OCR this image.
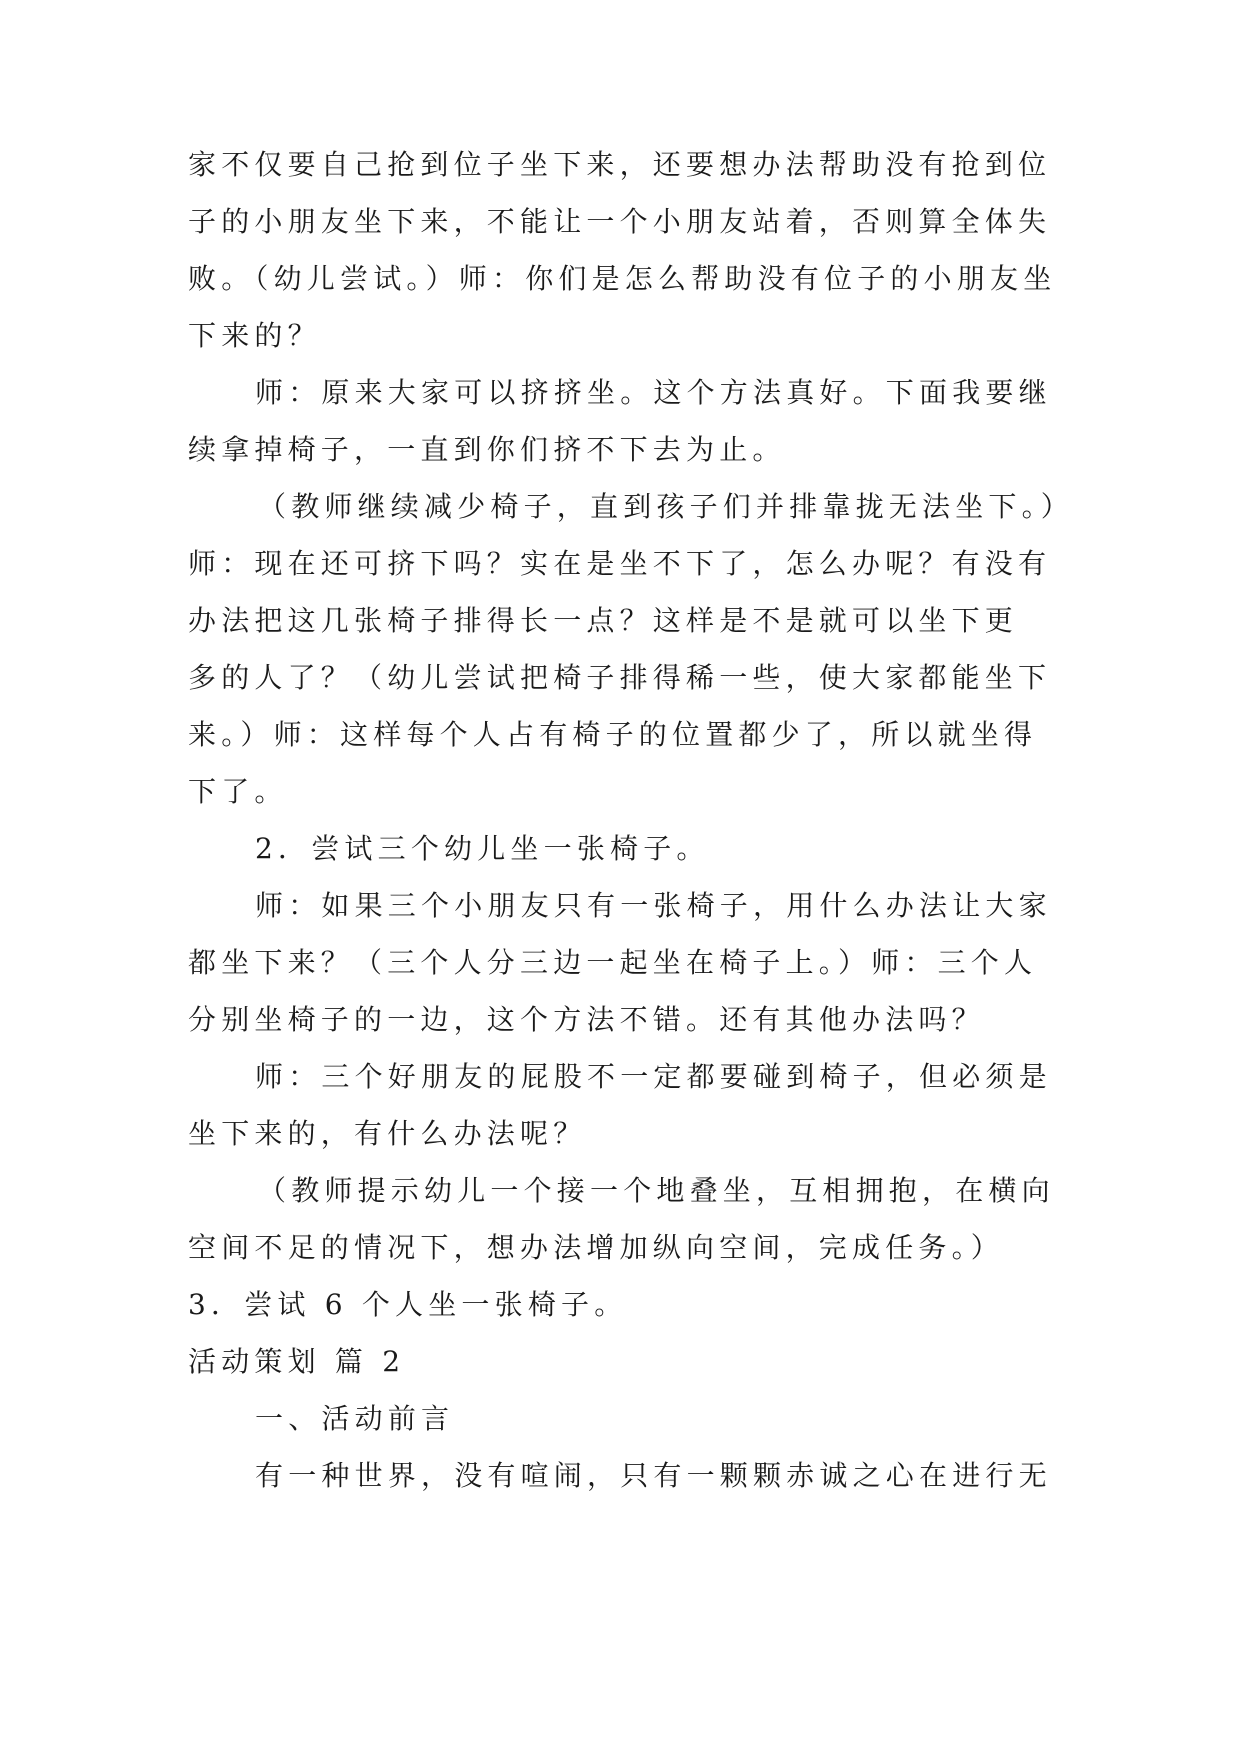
家不仅要自己抢到位子坐下来，还要想办法帮助没有抢到位
子的小朋友坐下来，不能让一个小朋友站着，否则算全体失
败。（幼儿尝试。）师：你们是怎么帮助没有位子的小朋友坐
下来的？
师：原来大家可以挤挤坐。这个方法真好。下面我要继
续拿掉椅子，一直到你们挤不下去为止。
（教师继续减少椅子，直到孩子们并排靠拢无法坐下。）
师：现在还可挤下吗？实在是坐不下了，怎么办呢？有没有
办法把这几张椅子排得长一点？这样是不是就可以坐下更
多的人了？（幼儿尝试把椅子排得稀一些，使大家都能坐下
来。）师：这样每个人占有椅子的位置都少了，所以就坐得
下了。
2．尝试三个幼儿坐一张椅子。
师：如果三个小朋友只有一张椅子，用什么办法让大家
都坐下来？（三个人分三边一起坐在椅子上。）师：三个人
分别坐椅子的一边，这个方法不错。还有其他办法吗？
师：三个好朋友的屁股不一定都要碰到椅子，但必须是
坐下来的，有什么办法呢？
（教师提示幼儿一个接一个地叠坐，互相拥抱，在横向
空间不足的情况下，想办法增加纵向空间，完成任务。）
3．尝试 6 个人坐一张椅子。
活动策划 篇 2
一、活动前言
有一种世界，没有喧闹，只有一颗颗赤诚之心在进行无
